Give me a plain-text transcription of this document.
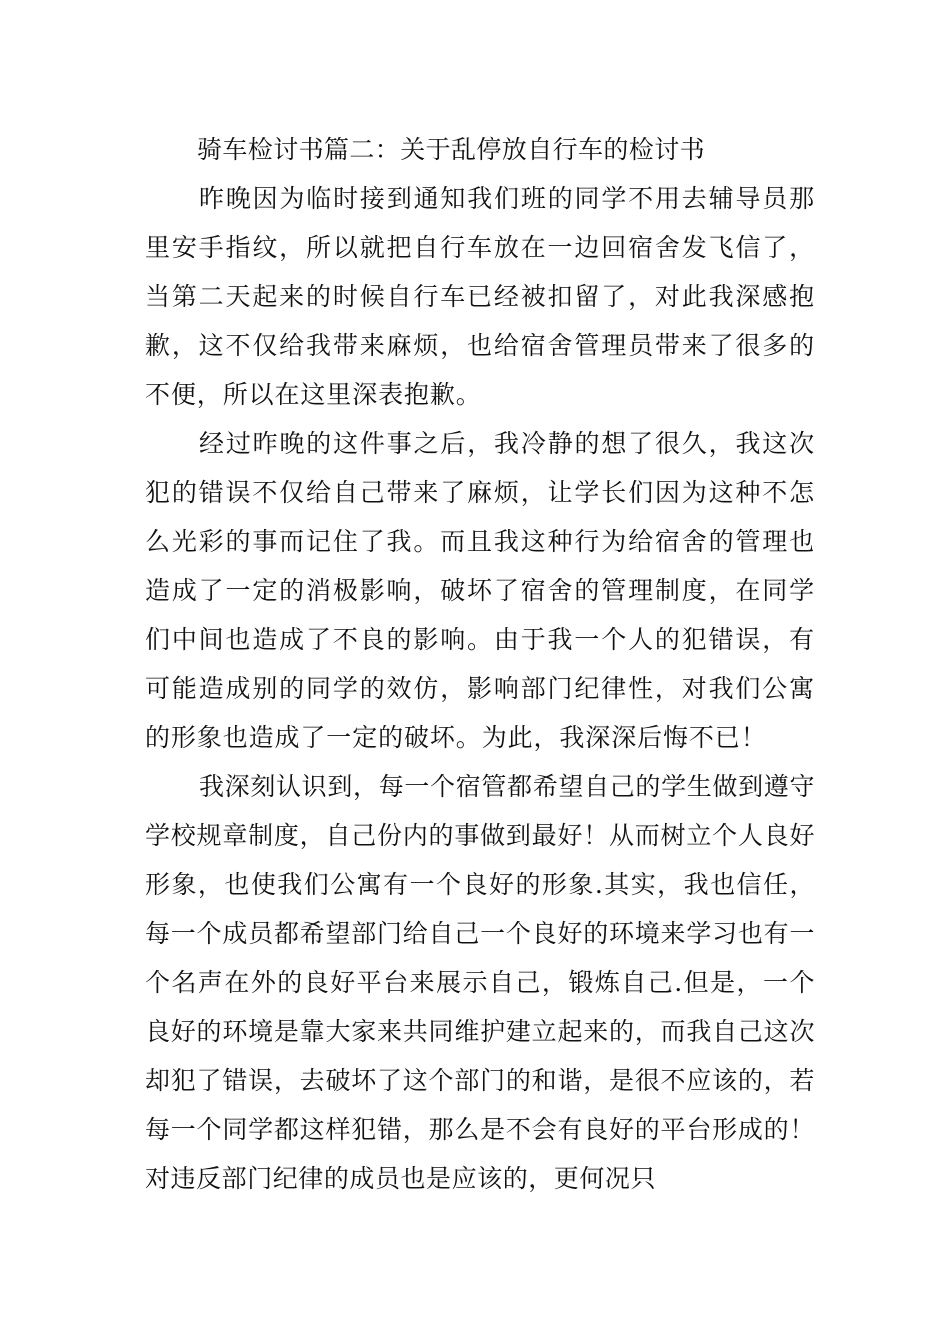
骑车检讨书篇二：关于乱停放自行车的检讨书

昨晚因为临时接到通知我们班的同学不用去辅导员那里安手指纹，所以就把自行车放在一边回宿舍发飞信了，当第二天起来的时候自行车已经被扣留了，对此我深感抱歉，这不仅给我带来麻烦，也给宿舍管理员带来了很多的不便，所以在这里深表抱歉。

经过昨晚的这件事之后，我冷静的想了很久，我这次犯的错误不仅给自己带来了麻烦，让学长们因为这种不怎么光彩的事而记住了我。而且我这种行为给宿舍的管理也造成了一定的消极影响，破坏了宿舍的管理制度，在同学们中间也造成了不良的影响。由于我一个人的犯错误，有可能造成别的同学的效仿，影响部门纪律性，对我们公寓的形象也造成了一定的破坏。为此，我深深后悔不已！

我深刻认识到，每一个宿管都希望自己的学生做到遵守学校规章制度，自己份内的事做到最好！从而树立个人良好形象，也使我们公寓有一个良好的形象.其实，我也信任，每一个成员都希望部门给自己一个良好的环境来学习也有一个名声在外的良好平台来展示自己，锻炼自己.但是，一个良好的环境是靠大家来共同维护建立起来的，而我自己这次却犯了错误，去破坏了这个部门的和谐，是很不应该的，若每一个同学都这样犯错，那么是不会有良好的平台形成的！对违反部门纪律的成员也是应该的，更何况只
